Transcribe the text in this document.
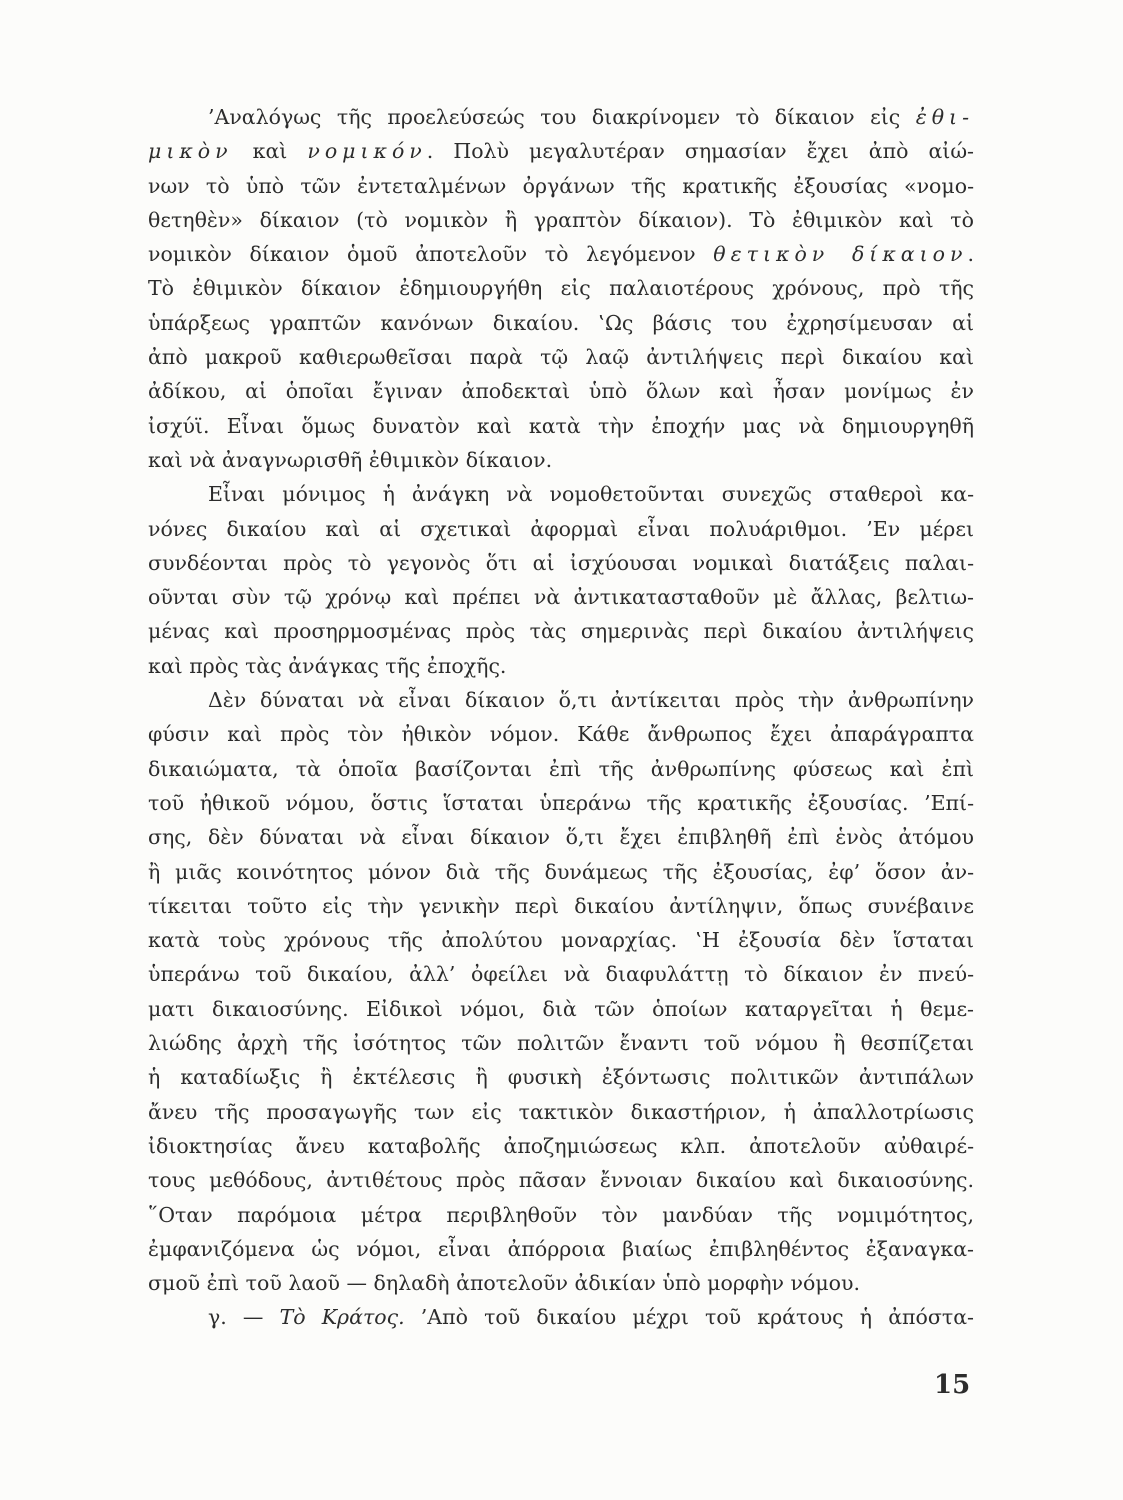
’Αναλόγως τῆς προελεύσεώς του διακρίνομεν τὸ δίκαιον εἰς ἐθι-
μικὸν καὶ νομικόν. Πολὺ μεγαλυτέραν σημασίαν ἔχει ἀπὸ αἰώ-
νων τὸ ὑπὸ τῶν ἐντεταλμένων ὀργάνων τῆς κρατικῆς ἐξουσίας «νομο-
θετηθὲν» δίκαιον (τὸ νομικὸν ἢ γραπτὸν δίκαιον). Τὸ ἐθιμικὸν καὶ τὸ
νομικὸν δίκαιον ὁμοῦ ἀποτελοῦν τὸ λεγόμενον θετικὸν δίκαιον.
Τὸ ἐθιμικὸν δίκαιον ἐδημιουργήθη εἰς παλαιοτέρους χρόνους, πρὸ τῆς
ὑπάρξεως γραπτῶν κανόνων δικαίου. ‛Ως βάσις του ἐχρησίμευσαν αἱ
ἀπὸ μακροῦ καθιερωθεῖσαι παρὰ τῷ λαῷ ἀντιλήψεις περὶ δικαίου καὶ
ἀδίκου, αἱ ὁποῖαι ἔγιναν ἀποδεκταὶ ὑπὸ ὅλων καὶ ἦσαν μονίμως ἐν
ἰσχύϊ. Εἶναι ὅμως δυνατὸν καὶ κατὰ τὴν ἐποχήν μας νὰ δημιουργηθῆ
καὶ νὰ ἀναγνωρισθῆ ἐθιμικὸν δίκαιον.
Εἶναι μόνιμος ἡ ἀνάγκη νὰ νομοθετοῦνται συνεχῶς σταθεροὶ κα-
νόνες δικαίου καὶ αἱ σχετικαὶ ἀφορμαὶ εἶναι πολυάριθμοι. ’Εν μέρει
συνδέονται πρὸς τὸ γεγονὸς ὅτι αἱ ἰσχύουσαι νομικαὶ διατάξεις παλαι-
οῦνται σὺν τῷ χρόνῳ καὶ πρέπει νὰ ἀντικατασταθοῦν μὲ ἄλλας, βελτιω-
μένας καὶ προσηρμοσμένας πρὸς τὰς σημερινὰς περὶ δικαίου ἀντιλήψεις
καὶ πρὸς τὰς ἀνάγκας τῆς ἐποχῆς.
Δὲν δύναται νὰ εἶναι δίκαιον ὅ,τι ἀντίκειται πρὸς τὴν ἀνθρωπίνην
φύσιν καὶ πρὸς τὸν ἠθικὸν νόμον. Κάθε ἄνθρωπος ἔχει ἀπαράγραπτα
δικαιώματα, τὰ ὁποῖα βασίζονται ἐπὶ τῆς ἀνθρωπίνης φύσεως καὶ ἐπὶ
τοῦ ἠθικοῦ νόμου, ὅστις ἵσταται ὑπεράνω τῆς κρατικῆς ἐξουσίας. ’Επί-
σης, δὲν δύναται νὰ εἶναι δίκαιον ὅ,τι ἔχει ἐπιβληθῆ ἐπὶ ἑνὸς ἀτόμου
ἢ μιᾶς κοινότητος μόνον διὰ τῆς δυνάμεως τῆς ἐξουσίας, ἐφ’ ὅσον ἀν-
τίκειται τοῦτο εἰς τὴν γενικὴν περὶ δικαίου ἀντίληψιν, ὅπως συνέβαινε
κατὰ τοὺς χρόνους τῆς ἀπολύτου μοναρχίας. ‛Η ἐξουσία δὲν ἵσταται
ὑπεράνω τοῦ δικαίου, ἀλλ’ ὀφείλει νὰ διαφυλάττῃ τὸ δίκαιον ἐν πνεύ-
ματι δικαιοσύνης. Εἰδικοὶ νόμοι, διὰ τῶν ὁποίων καταργεῖται ἡ θεμε-
λιώδης ἀρχὴ τῆς ἰσότητος τῶν πολιτῶν ἔναντι τοῦ νόμου ἢ θεσπίζεται
ἡ καταδίωξις ἢ ἐκτέλεσις ἢ φυσικὴ ἐξόντωσις πολιτικῶν ἀντιπάλων
ἄνευ τῆς προσαγωγῆς των εἰς τακτικὸν δικαστήριον, ἡ ἀπαλλοτρίωσις
ἰδιοκτησίας ἄνευ καταβολῆς ἀποζημιώσεως κλπ. ἀποτελοῦν αὐθαιρέ-
τους μεθόδους, ἀντιθέτους πρὸς πᾶσαν ἔννοιαν δικαίου καὶ δικαιοσύνης.
῞Οταν παρόμοια μέτρα περιβληθοῦν τὸν μανδύαν τῆς νομιμότητος,
ἐμφανιζόμενα ὡς νόμοι, εἶναι ἀπόρροια βιαίως ἐπιβληθέντος ἐξαναγκα-
σμοῦ ἐπὶ τοῦ λαοῦ — δηλαδὴ ἀποτελοῦν ἀδικίαν ὑπὸ μορφὴν νόμου.
γ. — Τὸ Κράτος. ’Απὸ τοῦ δικαίου μέχρι τοῦ κράτους ἡ ἀπόστα-
15
